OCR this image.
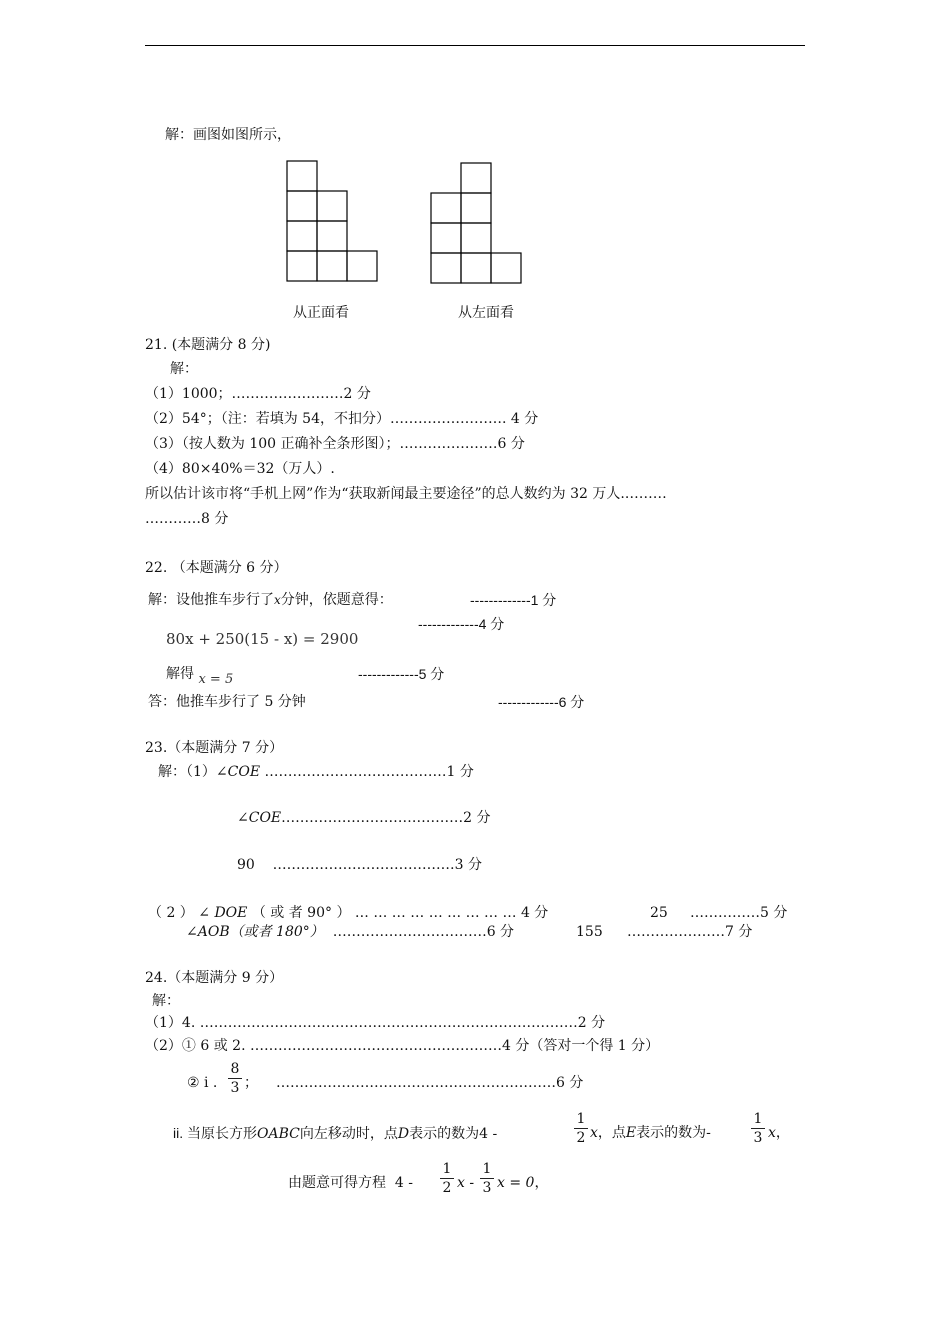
解：画图如图所示，
从正面看	从左面看
21. (本题满分 8 分)
解：
（1）1000；……………………2 分
（2）54°；（注：若填为 54，不扣分）……………………. 4 分
（3）（按人数为 100 正确补全条形图）；…………………6 分
（4）80×40%＝32（万人）.
所以估计该市将“手机上网”作为“获取新闻最主要途径”的总人数约为 32 万人.………
…………8 分
22. （本题满分 6 分）
解：设他推车步行了x分钟，依题意得：	-------------1 分
80x + 250(15 - x) = 2900
-------------4 分
解得 x = 5	-------------5 分
答：他推车步行了 5 分钟	-------------6 分
23.（本题满分 7 分）
解：（1）∠COE …………………………………1 分
∠COE…………………………………2 分
90 …………………………………3 分
（ 2 ） ∠ DOE （ 或 者 90° ） … … … … … … … … … 4 分	25 ……………5 分
∠AOB（或者 180°） ……………………………6 分	155 …………………7 分
24.（本题满分 9 分）
解：
（1）4. ………………………………………………………………………2 分
（2）① 6 或 2. ………………………………………………4 分（答对一个得 1 分）
② i .
8
3 ； ……………………………………………………6 分
ii. 当原长方形OABC向左移动时，点D表示的数为4 -
1
2 x，点E表示的数为-
1
3 x，
由题意可得方程 4 -
1
2 x -
1
3 x = 0，
